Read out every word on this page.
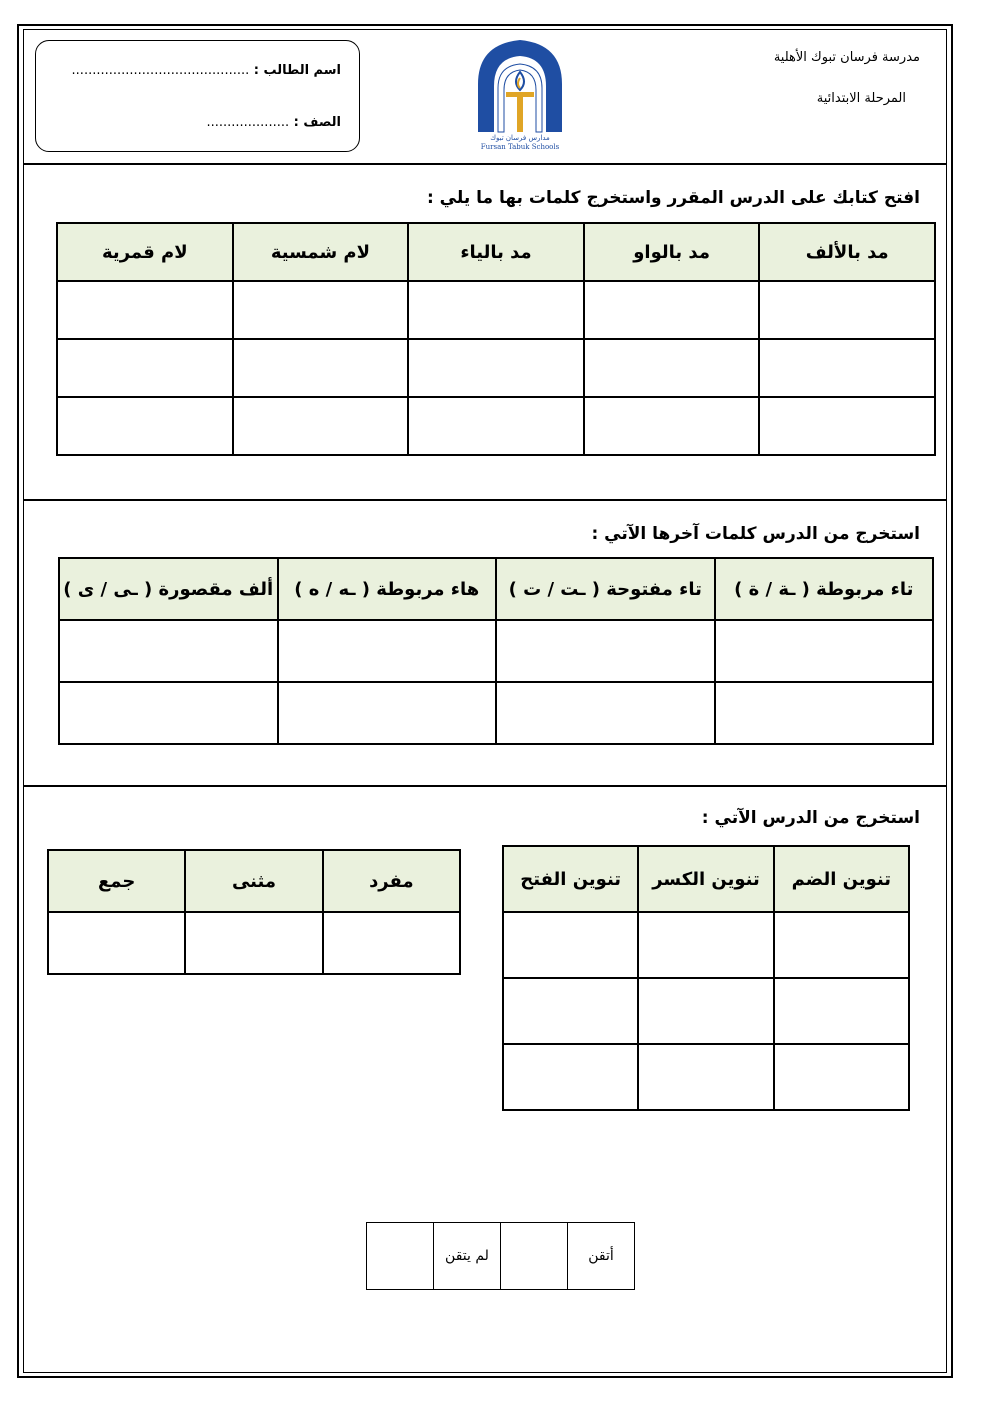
مدرسة فرسان تبوك الأهلية
المرحلة الابتدائية
مدارس فرسان تبوك
Fursan Tabuk Schools
اسم الطالب : ...........................................
الصف : ....................
افتح كتابك على الدرس المقرر واستخرج كلمات بها ما يلي :
مد بالألف	مد بالواو	مد بالياء	لام شمسية	لام قمرية

استخرج من الدرس كلمات آخرها الآتي :
تاء مربوطة ( ـة / ة )	تاء مفتوحة ( ـت / ت )	هاء مربوطة ( ـه / ه )	ألف مقصورة ( ـى / ى )

استخرج من الدرس الآتي :
تنوين الضم	تنوين الكسر	تنوين الفتح

مفرد	مثنى	جمع

أتقن		لم يتقن	
